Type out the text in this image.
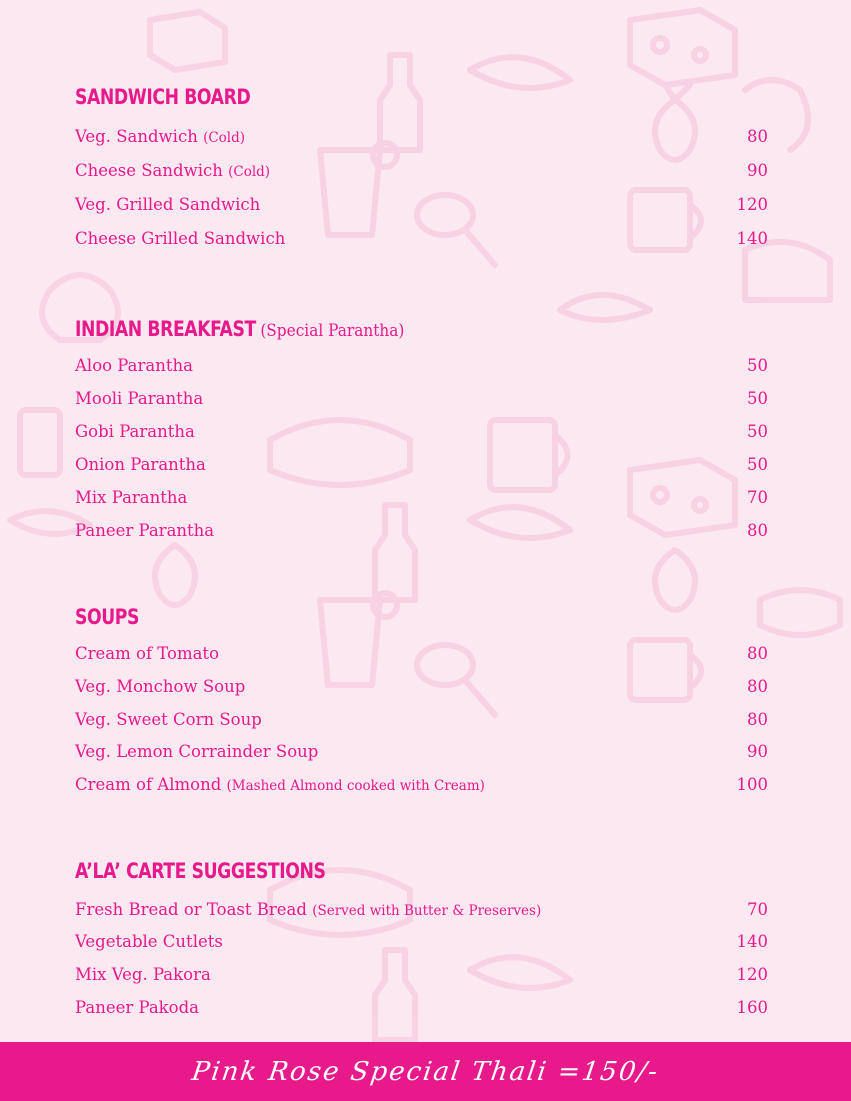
SANDWICH BOARD
Veg. Sandwich (Cold)	80
Cheese Sandwich (Cold)	90
Veg. Grilled Sandwich	120
Cheese Grilled Sandwich	140
INDIAN BREAKFAST (Special Parantha)
Aloo Parantha	50
Mooli Parantha	50
Gobi Parantha	50
Onion Parantha	50
Mix Parantha	70
Paneer Parantha	80
SOUPS
Cream of Tomato	80
Veg. Monchow Soup	80
Veg. Sweet Corn Soup	80
Veg. Lemon Corrainder Soup	90
Cream of Almond (Mashed Almond cooked with Cream)	100
A’LA’ CARTE SUGGESTIONS
Fresh Bread or Toast Bread (Served with Butter & Preserves)	70
Vegetable Cutlets	140
Mix Veg. Pakora	120
Paneer Pakoda	160
Pink Rose Special Thali =150/-
